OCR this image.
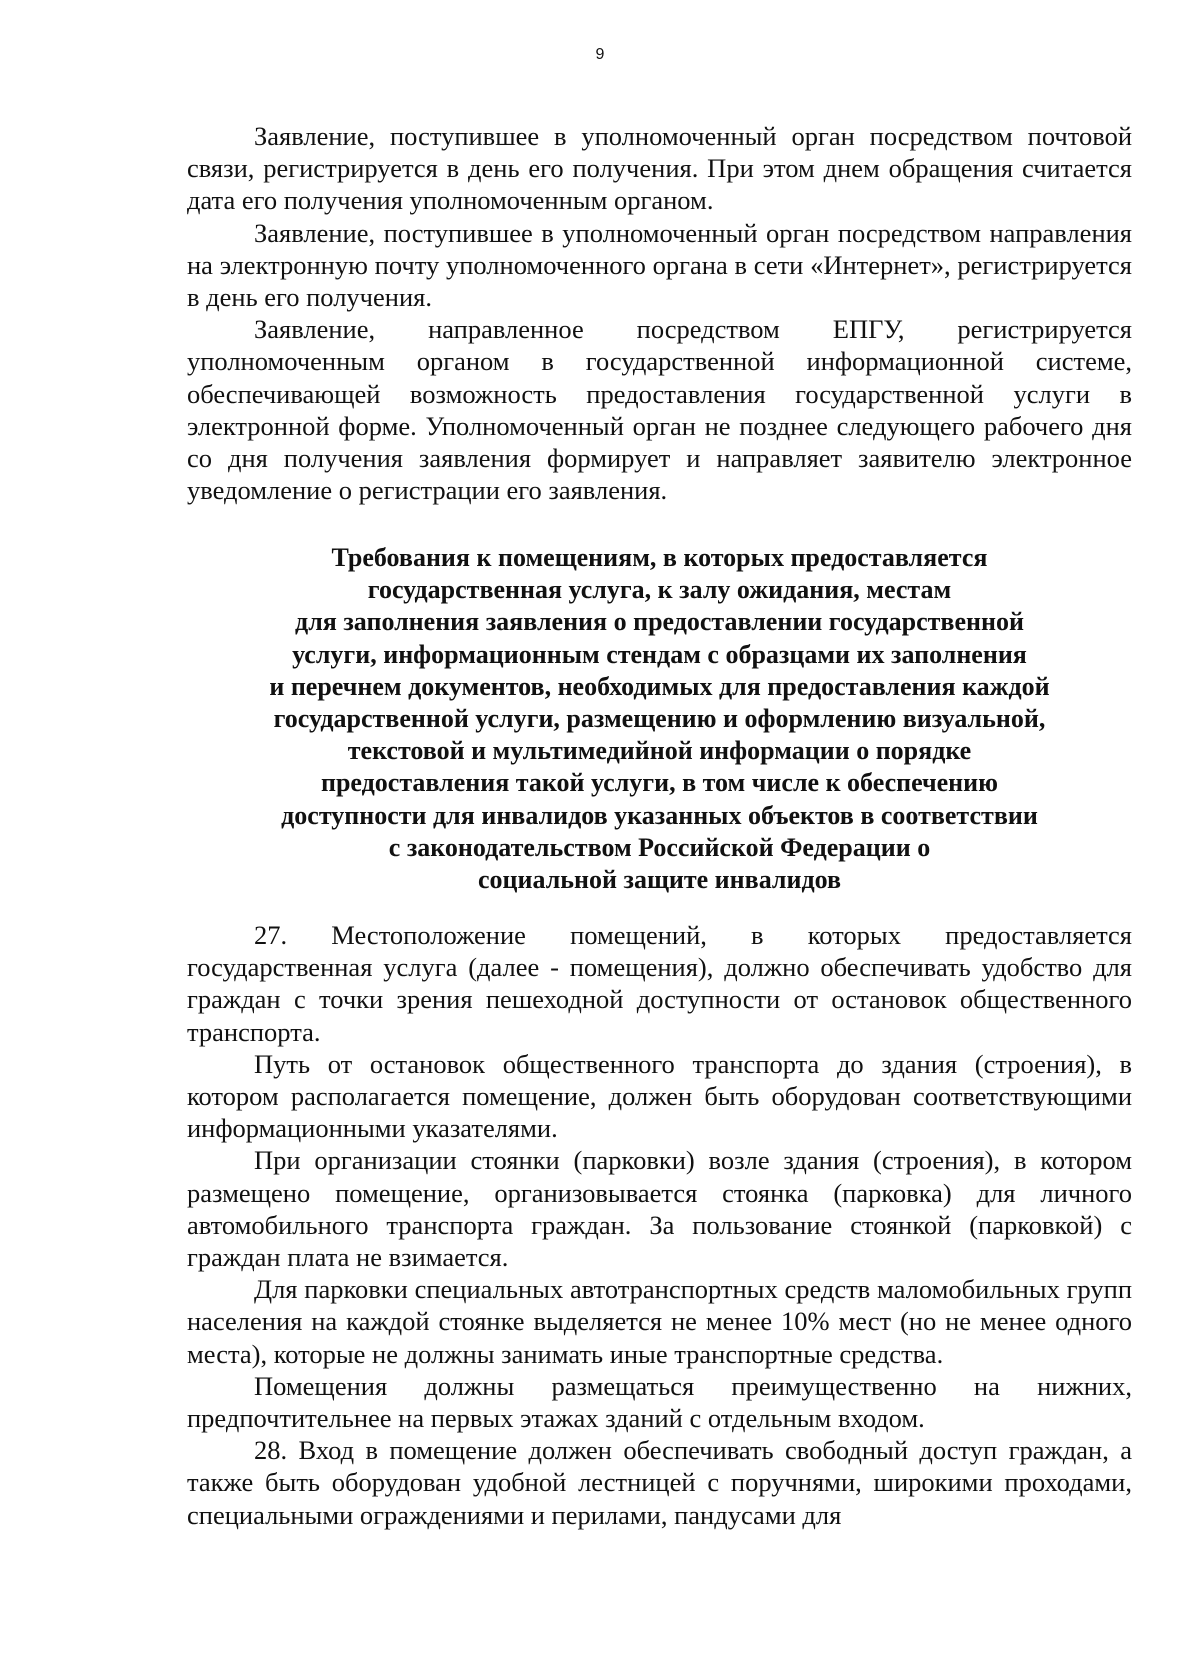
9

Заявление, поступившее в уполномоченный орган посредством почтовой связи, регистрируется в день его получения. При этом днем обращения считается дата его получения уполномоченным органом.

Заявление, поступившее в уполномоченный орган посредством направления на электронную почту уполномоченного органа в сети «Интернет», регистрируется в день его получения.

Заявление, направленное посредством ЕПГУ, регистрируется уполномоченным органом в государственной информационной системе, обеспечивающей возможность предоставления государственной услуги в электронной форме. Уполномоченный орган не позднее следующего рабочего дня со дня получения заявления формирует и направляет заявителю электронное уведомление о регистрации его заявления.

Требования к помещениям, в которых предоставляется
государственная услуга, к залу ожидания, местам
для заполнения заявления о предоставлении государственной
услуги, информационным стендам с образцами их заполнения
и перечнем документов, необходимых для предоставления каждой
государственной услуги, размещению и оформлению визуальной,
текстовой и мультимедийной информации о порядке
предоставления такой услуги, в том числе к обеспечению
доступности для инвалидов указанных объектов в соответствии
с законодательством Российской Федерации о
социальной защите инвалидов

27. Местоположение помещений, в которых предоставляется государственная услуга (далее - помещения), должно обеспечивать удобство для граждан с точки зрения пешеходной доступности от остановок общественного транспорта.

Путь от остановок общественного транспорта до здания (строения), в котором располагается помещение, должен быть оборудован соответствующими информационными указателями.

При организации стоянки (парковки) возле здания (строения), в котором размещено помещение, организовывается стоянка (парковка) для личного автомобильного транспорта граждан. За пользование стоянкой (парковкой) с граждан плата не взимается.

Для парковки специальных автотранспортных средств маломобильных групп населения на каждой стоянке выделяется не менее 10% мест (но не менее одного места), которые не должны занимать иные транспортные средства.

Помещения должны размещаться преимущественно на нижних, предпочтительнее на первых этажах зданий с отдельным входом.

28. Вход в помещение должен обеспечивать свободный доступ граждан, а также быть оборудован удобной лестницей с поручнями, широкими проходами, специальными ограждениями и перилами, пандусами для
